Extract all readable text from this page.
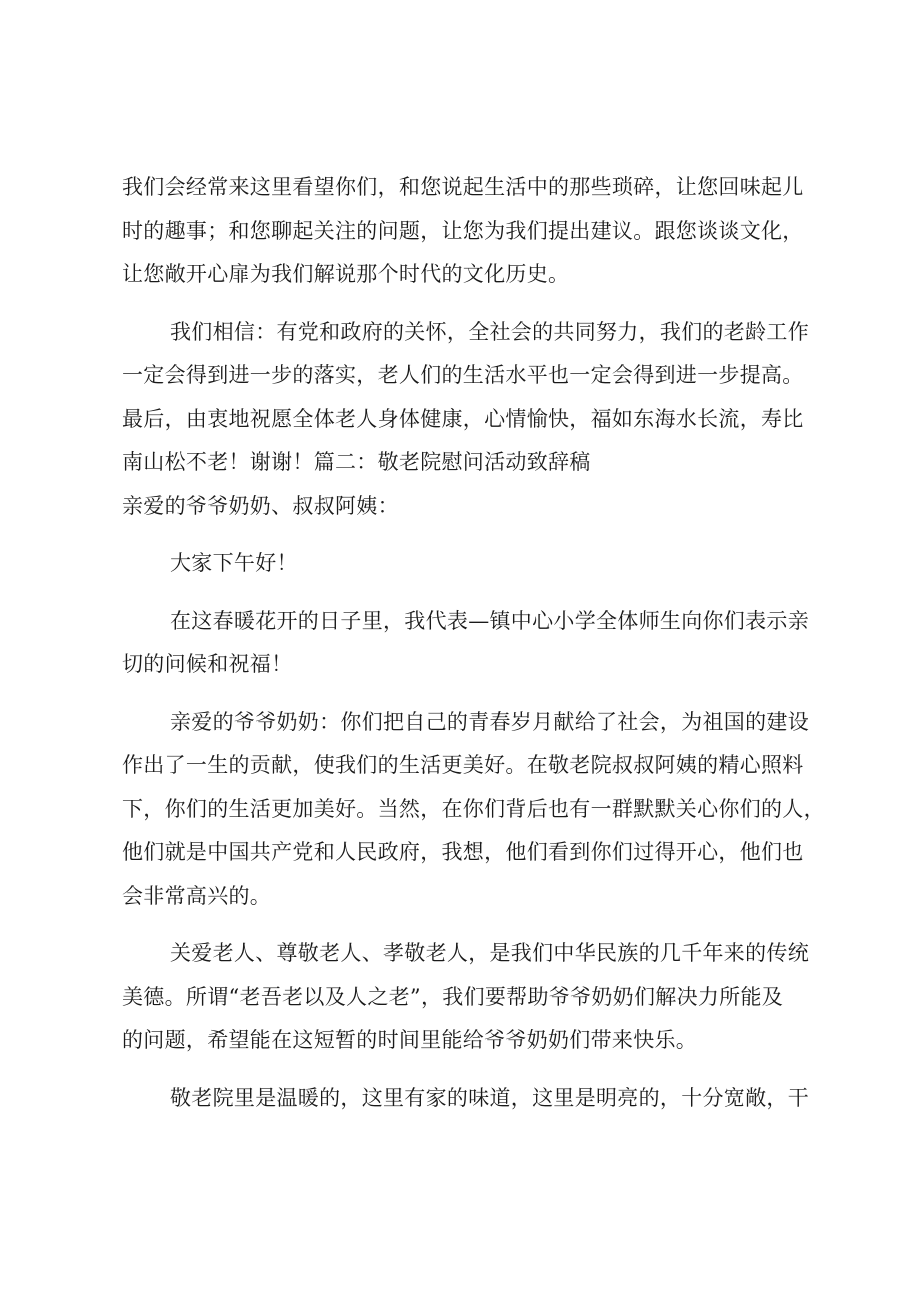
我们会经常来这里看望你们，和您说起生活中的那些琐碎，让您回味起儿
时的趣事；和您聊起关注的问题，让您为我们提出建议。跟您谈谈文化，
让您敞开心扉为我们解说那个时代的文化历史。

我们相信：有党和政府的关怀，全社会的共同努力，我们的老龄工作
一定会得到进一步的落实，老人们的生活水平也一定会得到进一步提高。
最后，由衷地祝愿全体老人身体健康，心情愉快，福如东海水长流，寿比
南山松不老！谢谢！篇二：敬老院慰问活动致辞稿

亲爱的爷爷奶奶、叔叔阿姨：

大家下午好！

在这春暖花开的日子里，我代表—镇中心小学全体师生向你们表示亲
切的问候和祝福！

亲爱的爷爷奶奶：你们把自己的青春岁月献给了社会，为祖国的建设
作出了一生的贡献，使我们的生活更美好。在敬老院叔叔阿姨的精心照料
下，你们的生活更加美好。当然，在你们背后也有一群默默关心你们的人，
他们就是中国共产党和人民政府，我想，他们看到你们过得开心，他们也
会非常高兴的。

关爱老人、尊敬老人、孝敬老人，是我们中华民族的几千年来的传统
美德。所谓“老吾老以及人之老”，我们要帮助爷爷奶奶们解决力所能及
的问题，希望能在这短暂的时间里能给爷爷奶奶们带来快乐。

敬老院里是温暖的，这里有家的味道，这里是明亮的，十分宽敞，干
